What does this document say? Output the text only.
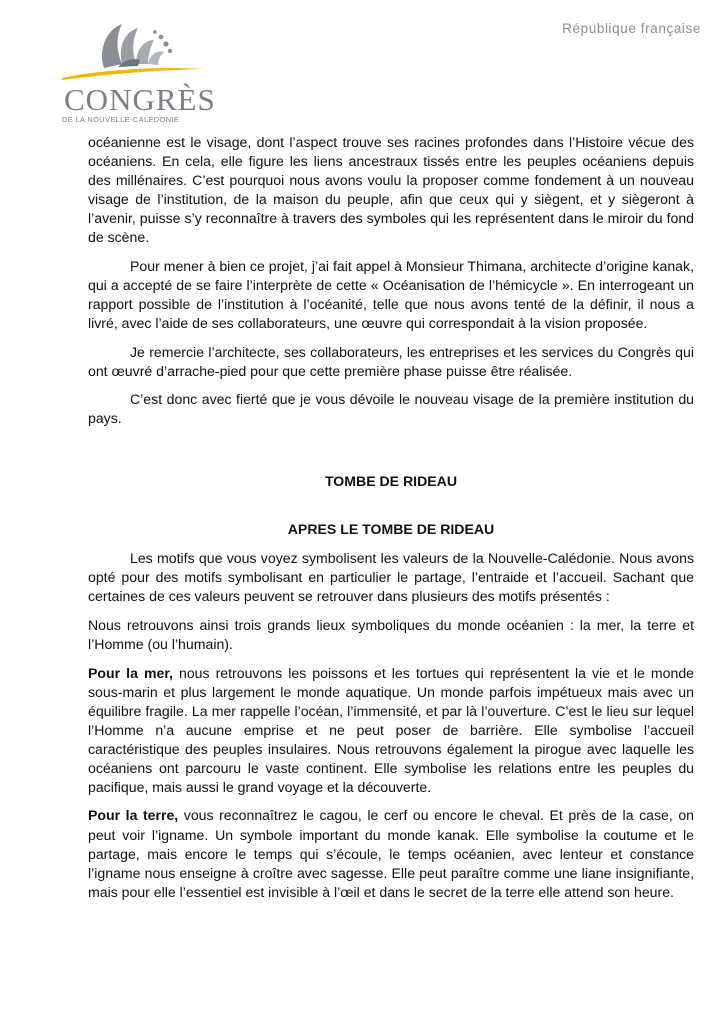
CONGRÈS
DE LA NOUVELLE-CALÉDONIE
République française

océanienne est le visage, dont l’aspect trouve ses racines profondes dans l’Histoire vécue des océaniens. En cela, elle figure les liens ancestraux tissés entre les peuples océaniens depuis des millénaires. C’est pourquoi nous avons voulu la proposer comme fondement à un nouveau visage de l’institution, de la maison du peuple, afin que ceux qui y siègent, et y siègeront à l’avenir, puisse s’y reconnaître à travers des symboles qui les représentent dans le miroir du fond de scène.

Pour mener à bien ce projet, j’ai fait appel à Monsieur Thimana, architecte d’origine kanak, qui a accepté de se faire l’interprète de cette « Océanisation de l’hémicycle ». En interrogeant un rapport possible de l’institution à l’océanité, telle que nous avons tenté de la définir, il nous a livré, avec l’aide de ses collaborateurs, une œuvre qui correspondait à la vision proposée.

Je remercie l’architecte, ses collaborateurs, les entreprises et les services du Congrès qui ont œuvré d’arrache-pied pour que cette première phase puisse être réalisée.

C’est donc avec fierté que je vous dévoile le nouveau visage de la première institution du pays.

TOMBE DE RIDEAU

APRES LE TOMBE DE RIDEAU

Les motifs que vous voyez symbolisent les valeurs de la Nouvelle-Calédonie. Nous avons opté pour des motifs symbolisant en particulier le partage, l’entraide et l’accueil. Sachant que certaines de ces valeurs peuvent se retrouver dans plusieurs des motifs présentés :

Nous retrouvons ainsi trois grands lieux symboliques du monde océanien : la mer, la terre et l’Homme (ou l’humain).

Pour la mer, nous retrouvons les poissons et les tortues qui représentent la vie et le monde sous-marin et plus largement le monde aquatique. Un monde parfois impétueux mais avec un équilibre fragile. La mer rappelle l’océan, l’immensité, et par là l’ouverture. C’est le lieu sur lequel l’Homme n’a aucune emprise et ne peut poser de barrière. Elle symbolise l’accueil caractéristique des peuples insulaires. Nous retrouvons également la pirogue avec laquelle les océaniens ont parcouru le vaste continent. Elle symbolise les relations entre les peuples du pacifique, mais aussi le grand voyage et la découverte.

Pour la terre, vous reconnaîtrez le cagou, le cerf ou encore le cheval. Et près de la case, on peut voir l’igname. Un symbole important du monde kanak. Elle symbolise la coutume et le partage, mais encore le temps qui s’écoule, le temps océanien, avec lenteur et constance l’igname nous enseigne à croître avec sagesse. Elle peut paraître comme une liane insignifiante, mais pour elle l’essentiel est invisible à l’œil et dans le secret de la terre elle attend son heure.
